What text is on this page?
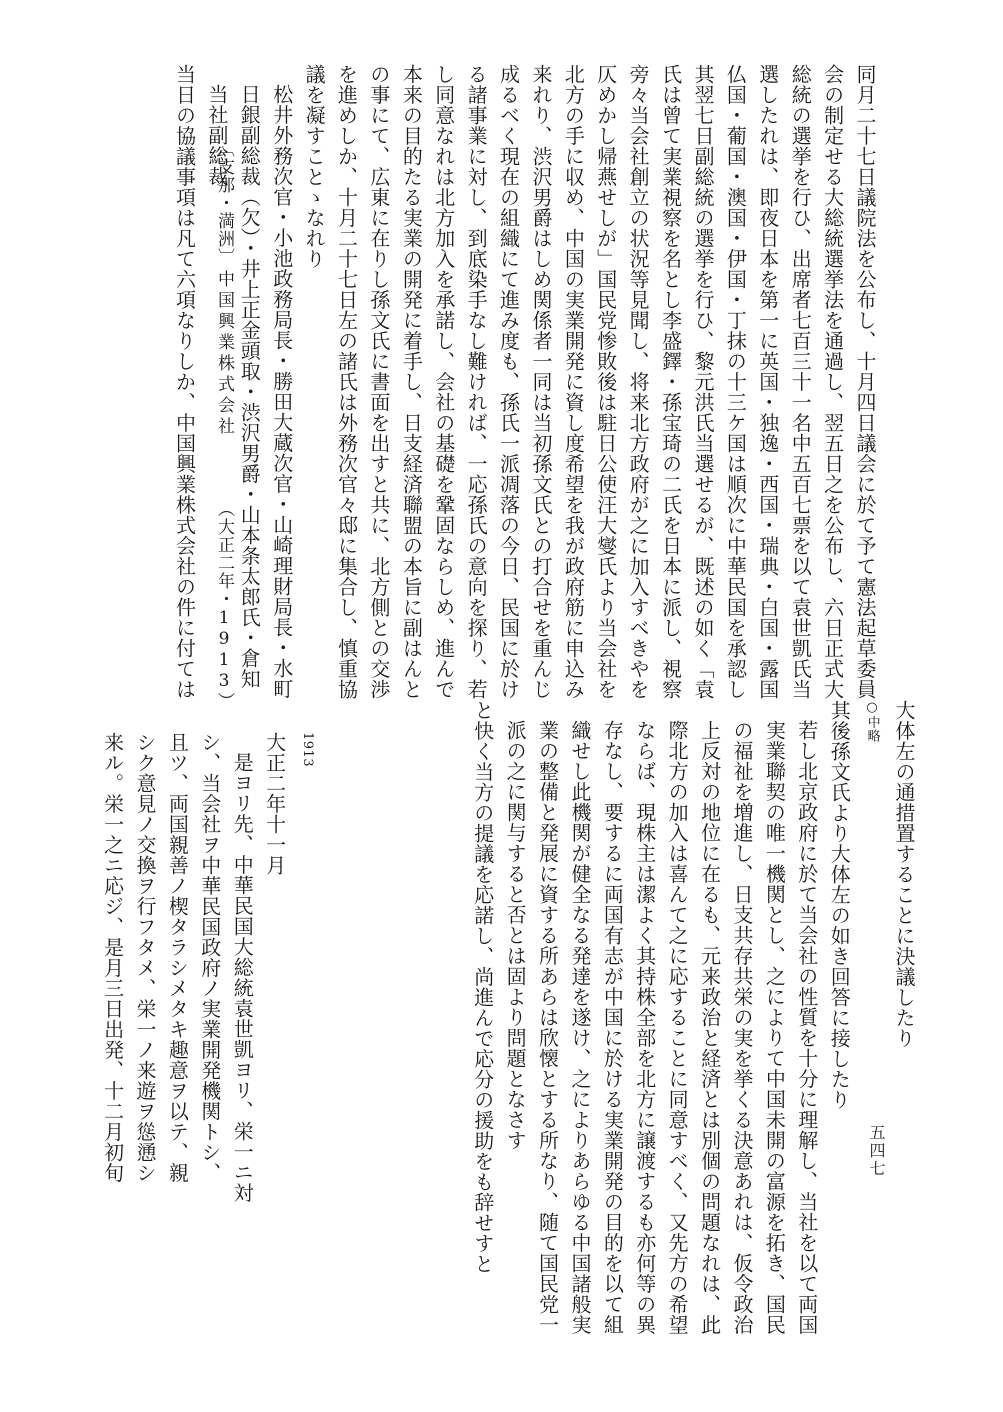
同月二十七日議院法を公布し、十月四日議会に於て予て憲法起草委員
会の制定せる大総統選挙法を通過し、翌五日之を公布し、六日正式大
総統の選挙を行ひ、出席者七百三十一名中五百七票を以て袁世凱氏当
選したれは、即夜日本を第一に英国・独逸・西国・瑞典・白国・露国
仏国・葡国・澳国・伊国・丁抹の十三ケ国は順次に中華民国を承認し
其翌七日副総統の選挙を行ひ、黎元洪氏当選せるが、既述の如く「袁
氏は曾て実業視察を名とし李盛鐸・孫宝琦の二氏を日本に派し、視察
旁々当会社創立の状況等見聞し、将来北方政府が之に加入すべきやを
仄めかし帰燕せしが」国民党惨敗後は駐日公使汪大燮氏より当会社を
北方の手に収め、中国の実業開発に資し度希望を我が政府筋に申込み
来れり、渋沢男爵はしめ関係者一同は当初孫文氏との打合せを重んじ
成るべく現在の組織にて進み度も、孫氏一派凋落の今日、民国に於け
る諸事業に対し、到底染手なし難ければ、一応孫氏の意向を探り、若
し同意なれは北方加入を承諾し、会社の基礎を鞏固ならしめ、進んで
本来の目的たる実業の開発に着手し、日支経済聯盟の本旨に副はんと
の事にて、広東に在りし孫文氏に書面を出すと共に、北方側との交渉
を進めしか、十月二十七日左の諸氏は外務次官々邸に集合し、慎重協
議を凝すことゝなれり
松井外務次官・小池政務局長・勝田大蔵次官・山崎理財局長・水町
日銀副総裁（欠）・井上正金頭取・渋沢男爵・山本条太郎氏・倉知
当社副総裁
当日の協議事項は凡て六項なりしか、中国興業株式会社の件に付ては 〔支那・満洲〕
中国興業株式会社
（大正二年・1913）
大体左の通措置することに決議したり
○中略
其後孫文氏より大体左の如き回答に接したり
若し北京政府に於て当会社の性質を十分に理解し、当社を以て両国
実業聯契の唯一機関とし、之によりて中国未開の富源を拓き、国民
の福祉を増進し、日支共存共栄の実を挙くる決意あれは、仮令政治
上反対の地位に在るも、元来政治と経済とは別個の問題なれは、此
際北方の加入は喜んて之に応することに同意すべく、又先方の希望
ならば、現株主は潔よく其持株全部を北方に譲渡するも亦何等の異
存なし、要するに両国有志が中国に於ける実業開発の目的を以て組
織せし此機関が健全なる発達を遂け、之によりあらゆる中国諸般実
業の整備と発展に資する所あらは欣懐とする所なり、随て国民党一
派の之に関与すると否とは固より問題となさす
と快く当方の提議を応諾し、尚進んで応分の援助をも辞せすと
1913
大正二年十一月
是ヨリ先、中華民国大総統袁世凱ヨリ、栄一ニ対
シ、当会社ヲ中華民国政府ノ実業開発機関トシ、
且ツ、両国親善ノ楔タラシメタキ趣意ヲ以テ、親
シク意見ノ交換ヲ行フタメ、栄一ノ来遊ヲ慫慂シ
来ル。栄一之ニ応ジ、是月三日出発、十二月初旬	五四七
